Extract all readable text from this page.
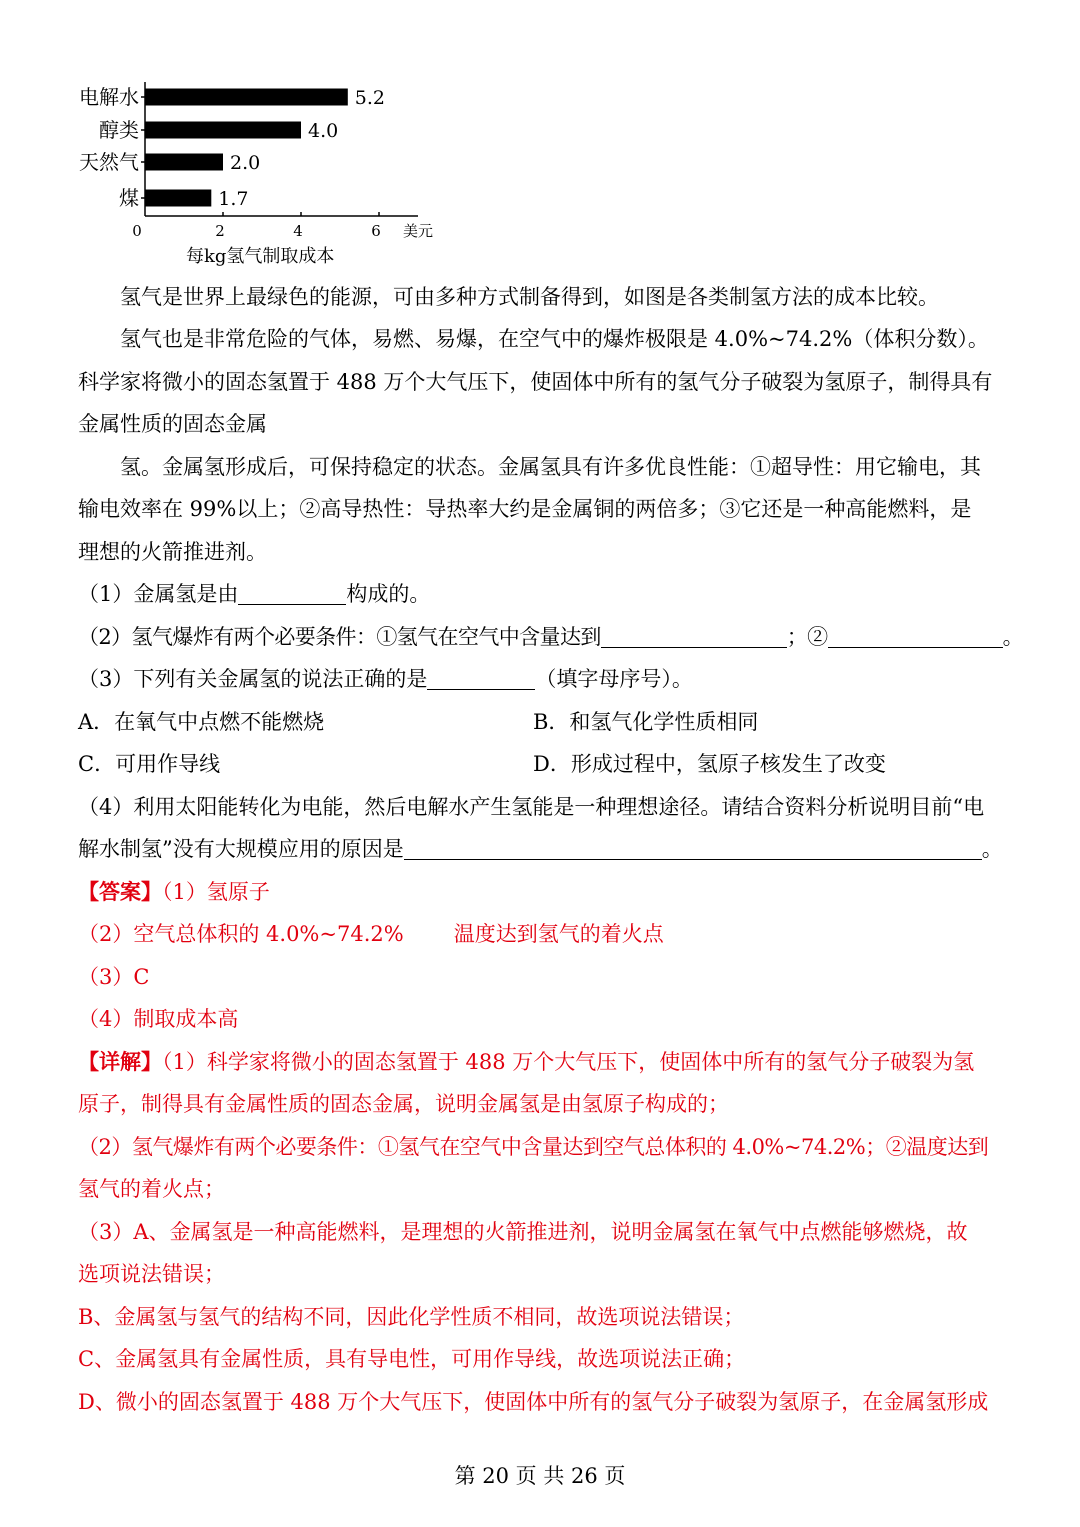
美元
每kg氢气制取成本
电解水	5.2
醇类	4.0
天然气	2.0
煤	1.7
0	2	4	6
氢气是世界上最绿色的能源，可由多种方式制备得到，如图是各类制氢方法的成本比较。
氢气也是非常危险的气体，易燃、易爆，在空气中的爆炸极限是 4.0%~74.2%（体积分数）。
科学家将微小的固态氢置于 488 万个大气压下，使固体中所有的氢气分子破裂为氢原子，制得具有
金属性质的固态金属
氢。金属氢形成后，可保持稳定的状态。金属氢具有许多优良性能：①超导性：用它输电，其
输电效率在 99%以上；②高导热性：导热率大约是金属铜的两倍多；③它还是一种高能燃料，是
理想的火箭推进剂。
（1）金属氢是由	构成的。
（2）氢气爆炸有两个必要条件：①氢气在空气中含量达到	；②	。
（3）下列有关金属氢的说法正确的是	（填字母序号）。
A．在氧气中点燃不能燃烧	B．和氢气化学性质相同
C．可用作导线	D．形成过程中，氢原子核发生了改变
（4）利用太阳能转化为电能，然后电解水产生氢能是一种理想途径。请结合资料分析说明目前“电
解水制氢”没有大规模应用的原因是	。
【答案】（1）氢原子
（2）空气总体积的 4.0%~74.2% 温度达到氢气的着火点
（3）C
（4）制取成本高
【详解】（1）科学家将微小的固态氢置于 488 万个大气压下，使固体中所有的氢气分子破裂为氢
原子，制得具有金属性质的固态金属，说明金属氢是由氢原子构成的；
（2）氢气爆炸有两个必要条件：①氢气在空气中含量达到空气总体积的 4.0%~74.2%；②温度达到
氢气的着火点；
（3）A、金属氢是一种高能燃料，是理想的火箭推进剂，说明金属氢在氧气中点燃能够燃烧，故
选项说法错误；
B、金属氢与氢气的结构不同，因此化学性质不相同，故选项说法错误；
C、金属氢具有金属性质，具有导电性，可用作导线，故选项说法正确；
D、微小的固态氢置于 488 万个大气压下，使固体中所有的氢气分子破裂为氢原子，在金属氢形成
第 20 页 共 26 页
